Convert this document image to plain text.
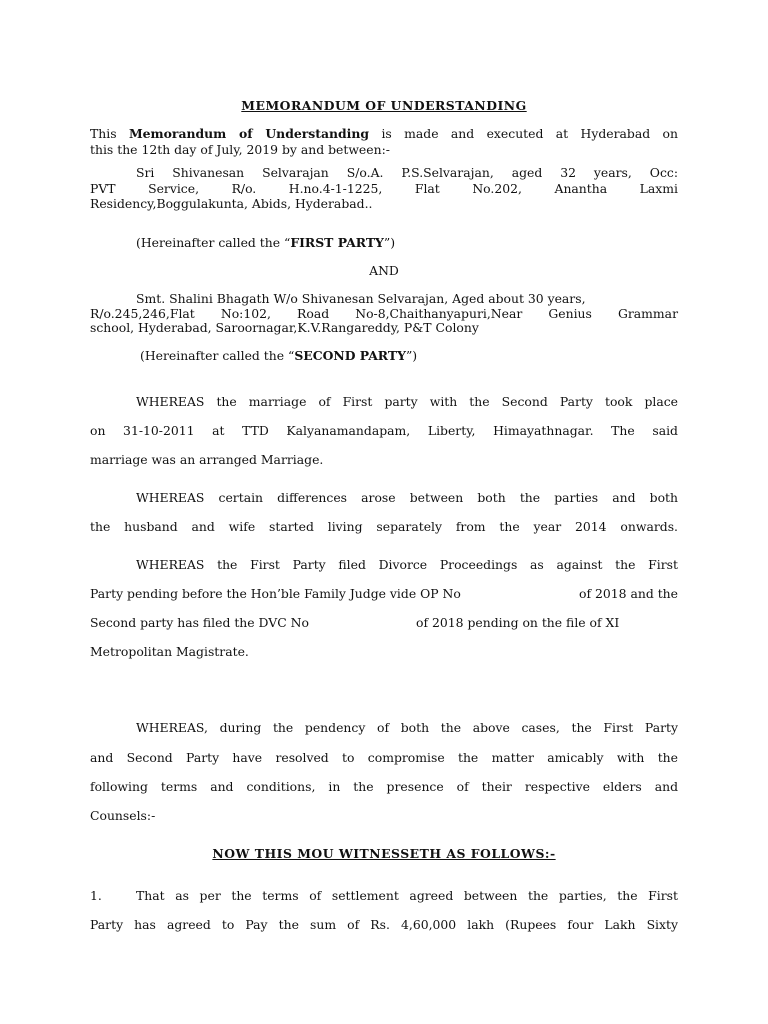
MEMORANDUM OF UNDERSTANDING
This Memorandum of Understanding is made and executed at Hyderabad on
this the 12th day of July, 2019 by and between:-
Sri Shivanesan Selvarajan S/o.A. P.S.Selvarajan, aged 32 years, Occ:
PVT Service, R/o. H.no.4-1-1225, Flat No.202, Anantha Laxmi
Residency,Boggulakunta, Abids, Hyderabad..
(Hereinafter called the “FIRST PARTY”)
AND
Smt. Shalini Bhagath W/o Shivanesan Selvarajan, Aged about 30 years,
R/o.245,246,Flat No:102, Road No-8,Chaithanyapuri,Near Genius Grammar
school, Hyderabad, Saroornagar,K.V.Rangareddy, P&T Colony
(Hereinafter called the “SECOND PARTY”)
WHEREAS the marriage of First party with the Second Party took place
on 31-10-2011 at TTD Kalyanamandapam, Liberty, Himayathnagar. The said
marriage was an arranged Marriage.
WHEREAS certain differences arose between both the parties and both
the husband and wife started living separately from the year 2014 onwards.
WHEREAS the First Party filed Divorce Proceedings as against the First
Party pending before the Hon’ble Family Judge vide OP No	of 2018 and the
Second party has filed the DVC No	of 2018 pending on the file of XI
Metropolitan Magistrate.
WHEREAS, during the pendency of both the above cases, the First Party
and Second Party have resolved to compromise the matter amicably with the
following terms and conditions, in the presence of their respective elders and
Counsels:-
NOW THIS MOU WITNESSETH AS FOLLOWS:-
1.	That as per the terms of settlement agreed between the parties, the First
Party has agreed to Pay the sum of Rs. 4,60,000 lakh (Rupees four Lakh Sixty
